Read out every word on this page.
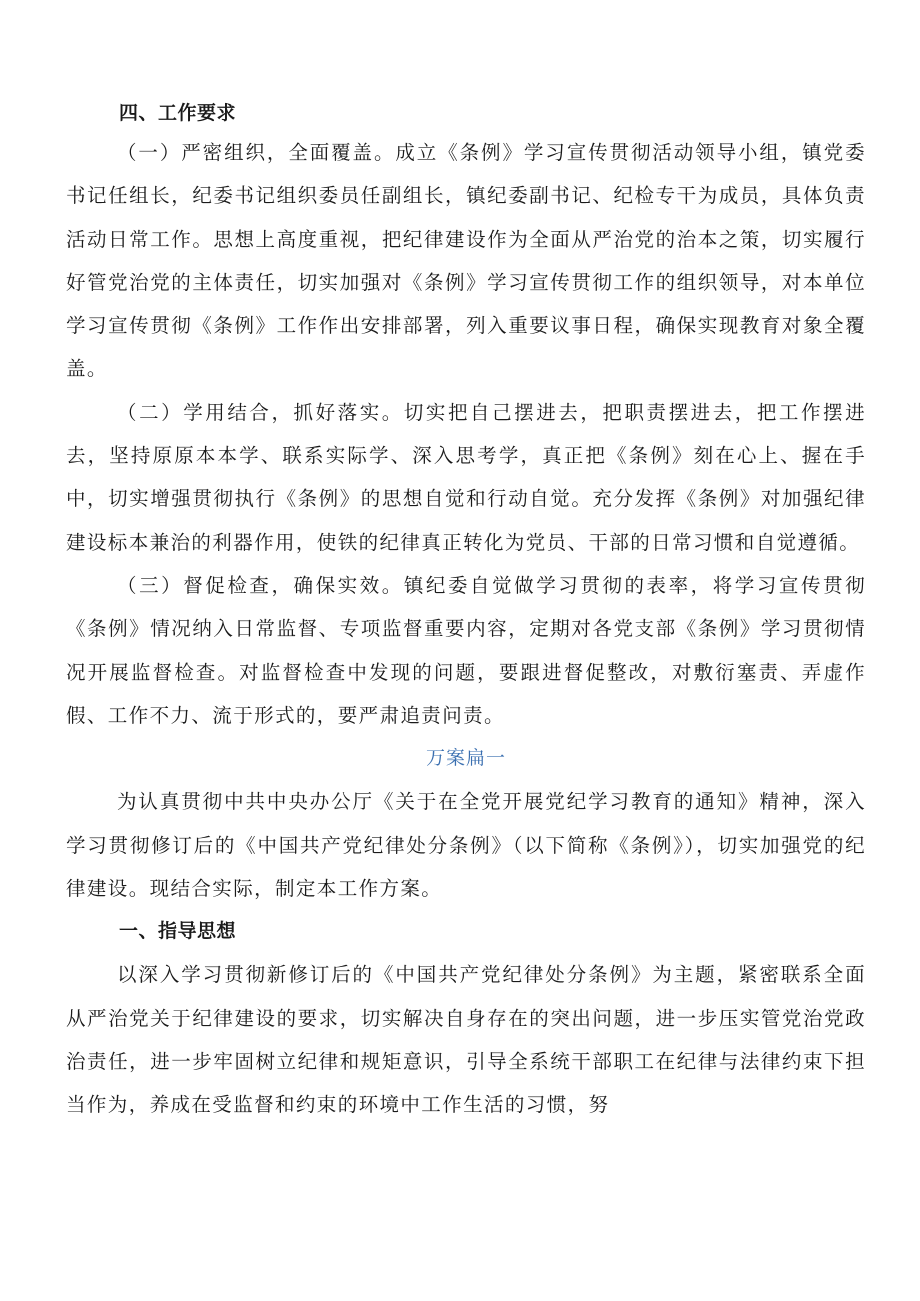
四、工作要求

（一）严密组织，全面覆盖。成立《条例》学习宣传贯彻活动领导小组，镇党委书记任组长，纪委书记组织委员任副组长，镇纪委副书记、纪检专干为成员，具体负责活动日常工作。思想上高度重视，把纪律建设作为全面从严治党的治本之策，切实履行好管党治党的主体责任，切实加强对《条例》学习宣传贯彻工作的组织领导，对本单位学习宣传贯彻《条例》工作作出安排部署，列入重要议事日程，确保实现教育对象全覆盖。

（二）学用结合，抓好落实。切实把自己摆进去，把职责摆进去，把工作摆进去，坚持原原本本学、联系实际学、深入思考学，真正把《条例》刻在心上、握在手中，切实增强贯彻执行《条例》的思想自觉和行动自觉。充分发挥《条例》对加强纪律建设标本兼治的利器作用，使铁的纪律真正转化为党员、干部的日常习惯和自觉遵循。

（三）督促检查，确保实效。镇纪委自觉做学习贯彻的表率，将学习宣传贯彻《条例》情况纳入日常监督、专项监督重要内容，定期对各党支部《条例》学习贯彻情况开展监督检查。对监督检查中发现的问题，要跟进督促整改，对敷衍塞责、弄虚作假、工作不力、流于形式的，要严肃追责问责。

万案扁一

为认真贯彻中共中央办公厅《关于在全党开展党纪学习教育的通知》精神，深入学习贯彻修订后的《中国共产党纪律处分条例》（以下简称《条例》），切实加强党的纪律建设。现结合实际，制定本工作方案。

一、指导思想

以深入学习贯彻新修订后的《中国共产党纪律处分条例》为主题，紧密联系全面从严治党关于纪律建设的要求，切实解决自身存在的突出问题，进一步压实管党治党政治责任，进一步牢固树立纪律和规矩意识，引导全系统干部职工在纪律与法律约束下担当作为，养成在受监督和约束的环境中工作生活的习惯，努
